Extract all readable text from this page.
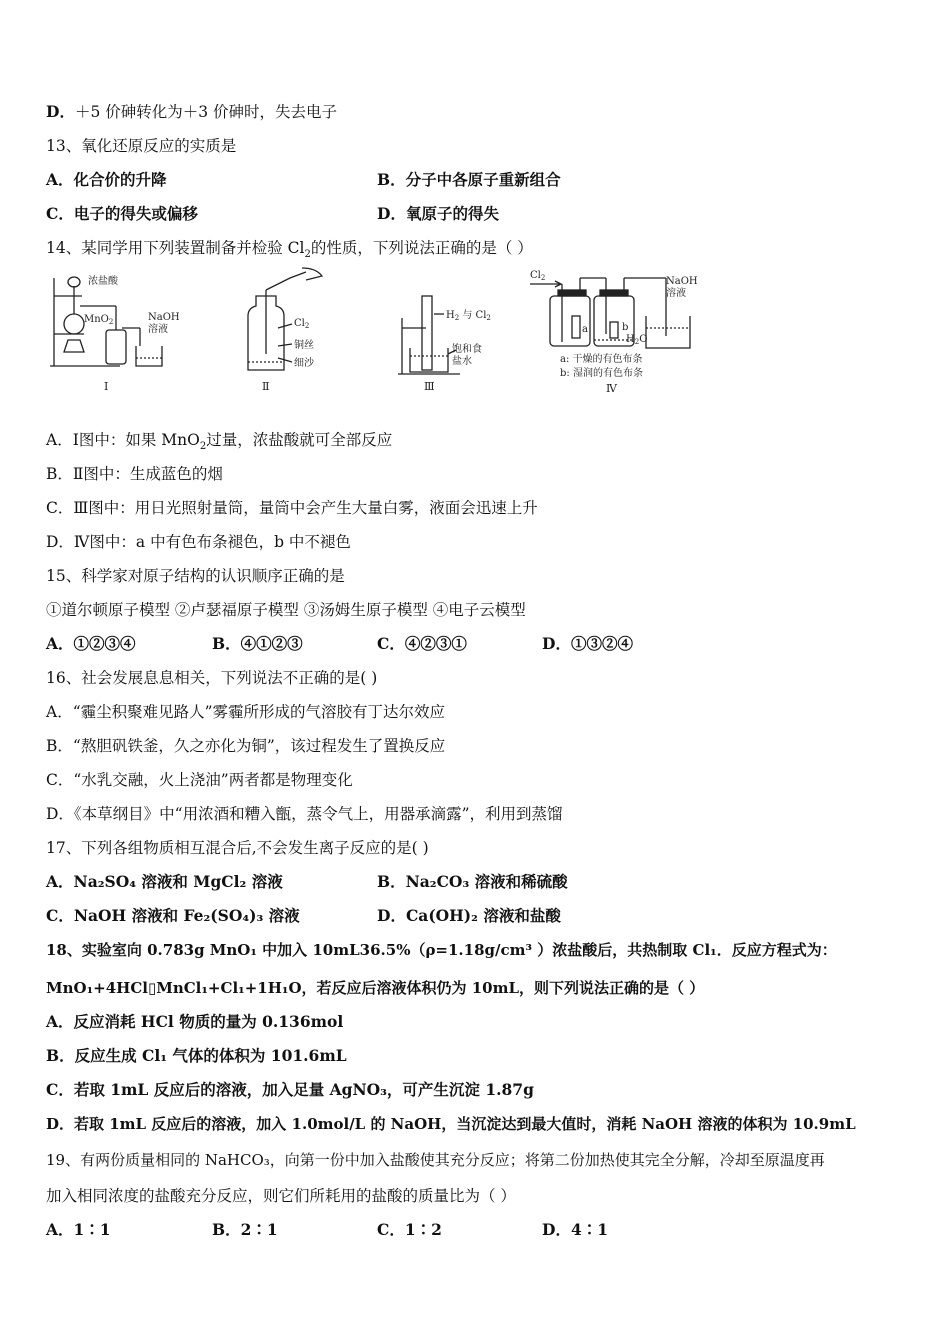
D．＋5 价砷转化为＋3 价砷时，失去电子
13、氧化还原反应的实质是
A．化合价的升降	B．分子中各原子重新组合
C．电子的得失或偏移	D．氧原子的得失
14、某同学用下列装置制备并检验 $Cl_2$的性质，下列说法正确的是（ ）
浓盐酸
MnO$_2$	NaOH
溶液
Ⅰ
$Cl_2$
铜丝
细沙
Ⅱ
$H_2$ 与 $Cl_2$
饱和食
盐水
Ⅲ
$Cl_2$	NaOH
溶液
a	b
$H_2O$
a: 干燥的有色布条
b: 湿润的有色布条
Ⅳ
A．Ⅰ图中：如果 MnO$_2$过量，浓盐酸就可全部反应
B．Ⅱ图中：生成蓝色的烟
C．Ⅲ图中：用日光照射量筒，量筒中会产生大量白雾，液面会迅速上升
D．Ⅳ图中：a 中有色布条褪色，b 中不褪色
15、科学家对原子结构的认识顺序正确的是
①道尔顿原子模型 ②卢瑟福原子模型 ③汤姆生原子模型 ④电子云模型
A．①②③④	B．④①②③	C．④②③①	D．①③②④
16、社会发展息息相关，下列说法不正确的是( )
A．“霾尘积聚难见路人”雾霾所形成的气溶胶有丁达尔效应
B．“熬胆矾铁釜，久之亦化为铜”，该过程发生了置换反应
C．“水乳交融，火上浇油”两者都是物理变化
D．《本草纲目》中“用浓酒和糟入甑，蒸令气上，用器承滴露”，利用到蒸馏
17、下列各组物质相互混合后,不会发生离子反应的是( )
A．Na₂SO₄ 溶液和 MgCl₂ 溶液	B．Na₂CO₃ 溶液和稀硫酸
C．NaOH 溶液和 Fe₂(SO₄)₃ 溶液	D．Ca(OH)₂ 溶液和盐酸
18、实验室向 0.783g MnO₁ 中加入 10mL36.5%（ρ=1.18g/cm³ ）浓盐酸后，共热制取 Cl₁．反应方程式为：
MnO₁+4HCl▯MnCl₁+Cl₁+1H₁O，若反应后溶液体积仍为 10mL，则下列说法正确的是（ ）
A．反应消耗 HCl 物质的量为 0.136mol
B．反应生成 Cl₁ 气体的体积为 101.6mL
C．若取 1mL 反应后的溶液，加入足量 AgNO₃，可产生沉淀 1.87g
D．若取 1mL 反应后的溶液，加入 1.0mol/L 的 NaOH，当沉淀达到最大值时，消耗 NaOH 溶液的体积为 10.9mL
19、有两份质量相同的 NaHCO₃，向第一份中加入盐酸使其充分反应；将第二份加热使其完全分解，冷却至原温度再
加入相同浓度的盐酸充分反应，则它们所耗用的盐酸的质量比为（ ）
A．1∶1	B．2∶1	C．1∶2	D．4∶1
